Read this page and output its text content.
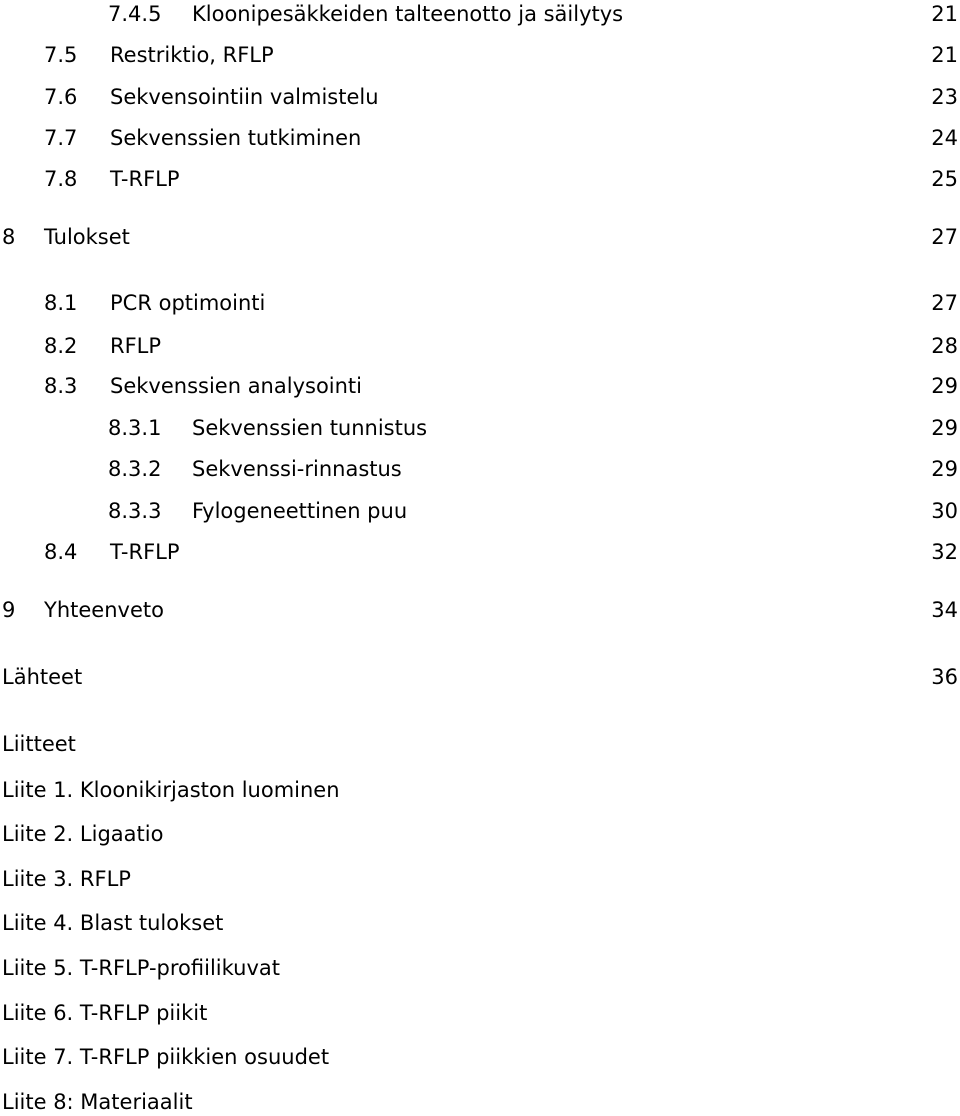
7.4.5 Kloonipesäkkeiden talteenotto ja säilytys	21
7.5 Restriktio, RFLP	21
7.6 Sekvensointiin valmistelu	23
7.7 Sekvenssien tutkiminen	24
7.8 T-RFLP	25
8 Tulokset	27
8.1 PCR optimointi	27
8.2 RFLP	28
8.3 Sekvenssien analysointi	29
8.3.1 Sekvenssien tunnistus	29
8.3.2 Sekvenssi-rinnastus	29
8.3.3 Fylogeneettinen puu	30
8.4 T-RFLP	32
9 Yhteenveto	34
Lähteet	36
Liitteet
Liite 1. Kloonikirjaston luominen
Liite 2. Ligaatio
Liite 3. RFLP
Liite 4. Blast tulokset
Liite 5. T-RFLP-profiilikuvat
Liite 6. T-RFLP piikit
Liite 7. T-RFLP piikkien osuudet
Liite 8: Materiaalit
